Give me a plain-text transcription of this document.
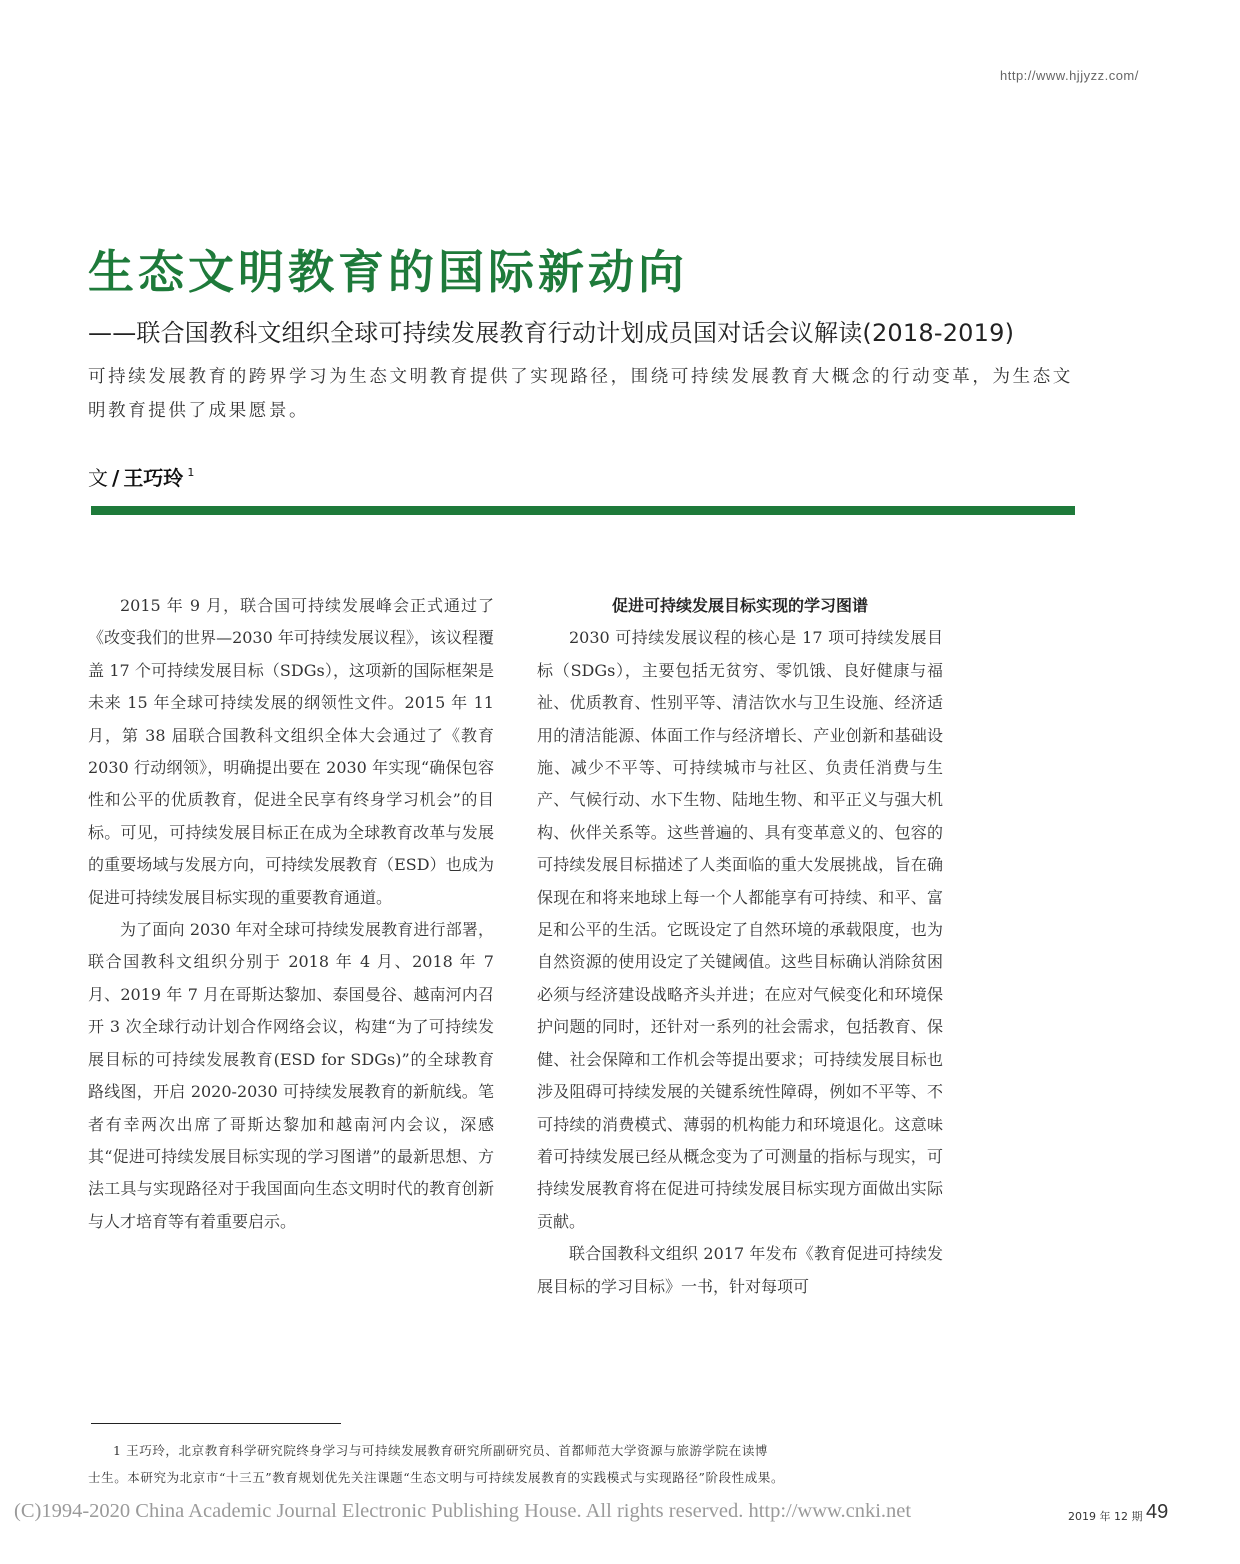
http://www.hjjyzz.com/
生态文明教育的国际新动向
——联合国教科文组织全球可持续发展教育行动计划成员国对话会议解读(2018-2019)
可持续发展教育的跨界学习为生态文明教育提供了实现路径，围绕可持续发展教育大概念的行动变革，为生态文明教育提供了成果愿景。
文 / 王巧玲 $^1$

2015 年 9 月，联合国可持续发展峰会正式通过了《改变我们的世界—2030 年可持续发展议程》，该议程覆盖 17 个可持续发展目标（SDGs），这项新的国际框架是未来 15 年全球可持续发展的纲领性文件。2015 年 11 月，第 38 届联合国教科文组织全体大会通过了《教育 2030 行动纲领》，明确提出要在 2030 年实现“确保包容性和公平的优质教育，促进全民享有终身学习机会”的目标。可见，可持续发展目标正在成为全球教育改革与发展的重要场域与发展方向，可持续发展教育（ESD）也成为促进可持续发展目标实现的重要教育通道。

为了面向 2030 年对全球可持续发展教育进行部署，联合国教科文组织分别于 2018 年 4 月、2018 年 7 月、2019 年 7 月在哥斯达黎加、泰国曼谷、越南河内召开 3 次全球行动计划合作网络会议，构建“为了可持续发展目标的可持续发展教育(ESD for SDGs)”的全球教育路线图，开启 2020-2030 可持续发展教育的新航线。笔者有幸两次出席了哥斯达黎加和越南河内会议，深感其“促进可持续发展目标实现的学习图谱”的最新思想、方法工具与实现路径对于我国面向生态文明时代的教育创新与人才培育等有着重要启示。

促进可持续发展目标实现的学习图谱

2030 可持续发展议程的核心是 17 项可持续发展目标（SDGs），主要包括无贫穷、零饥饿、良好健康与福祉、优质教育、性别平等、清洁饮水与卫生设施、经济适用的清洁能源、体面工作与经济增长、产业创新和基础设施、减少不平等、可持续城市与社区、负责任消费与生产、气候行动、水下生物、陆地生物、和平正义与强大机构、伙伴关系等。这些普遍的、具有变革意义的、包容的可持续发展目标描述了人类面临的重大发展挑战，旨在确保现在和将来地球上每一个人都能享有可持续、和平、富足和公平的生活。它既设定了自然环境的承载限度，也为自然资源的使用设定了关键阈值。这些目标确认消除贫困必须与经济建设战略齐头并进；在应对气候变化和环境保护问题的同时，还针对一系列的社会需求，包括教育、保健、社会保障和工作机会等提出要求；可持续发展目标也涉及阻碍可持续发展的关键系统性障碍，例如不平等、不可持续的消费模式、薄弱的机构能力和环境退化。这意味着可持续发展已经从概念变为了可测量的指标与现实，可持续发展教育将在促进可持续发展目标实现方面做出实际贡献。

联合国教科文组织 2017 年发布《教育促进可持续发展目标的学习目标》一书，针对每项可

1 王巧玲，北京教育科学研究院终身学习与可持续发展教育研究所副研究员、首都师范大学资源与旅游学院在读博
士生。本研究为北京市“十三五”教育规划优先关注课题“生态文明与可持续发展教育的实践模式与实现路径”阶段性成果。
(C)1994-2020 China Academic Journal Electronic Publishing House. All rights reserved. http://www.cnki.net	2019 年 12 期 49
